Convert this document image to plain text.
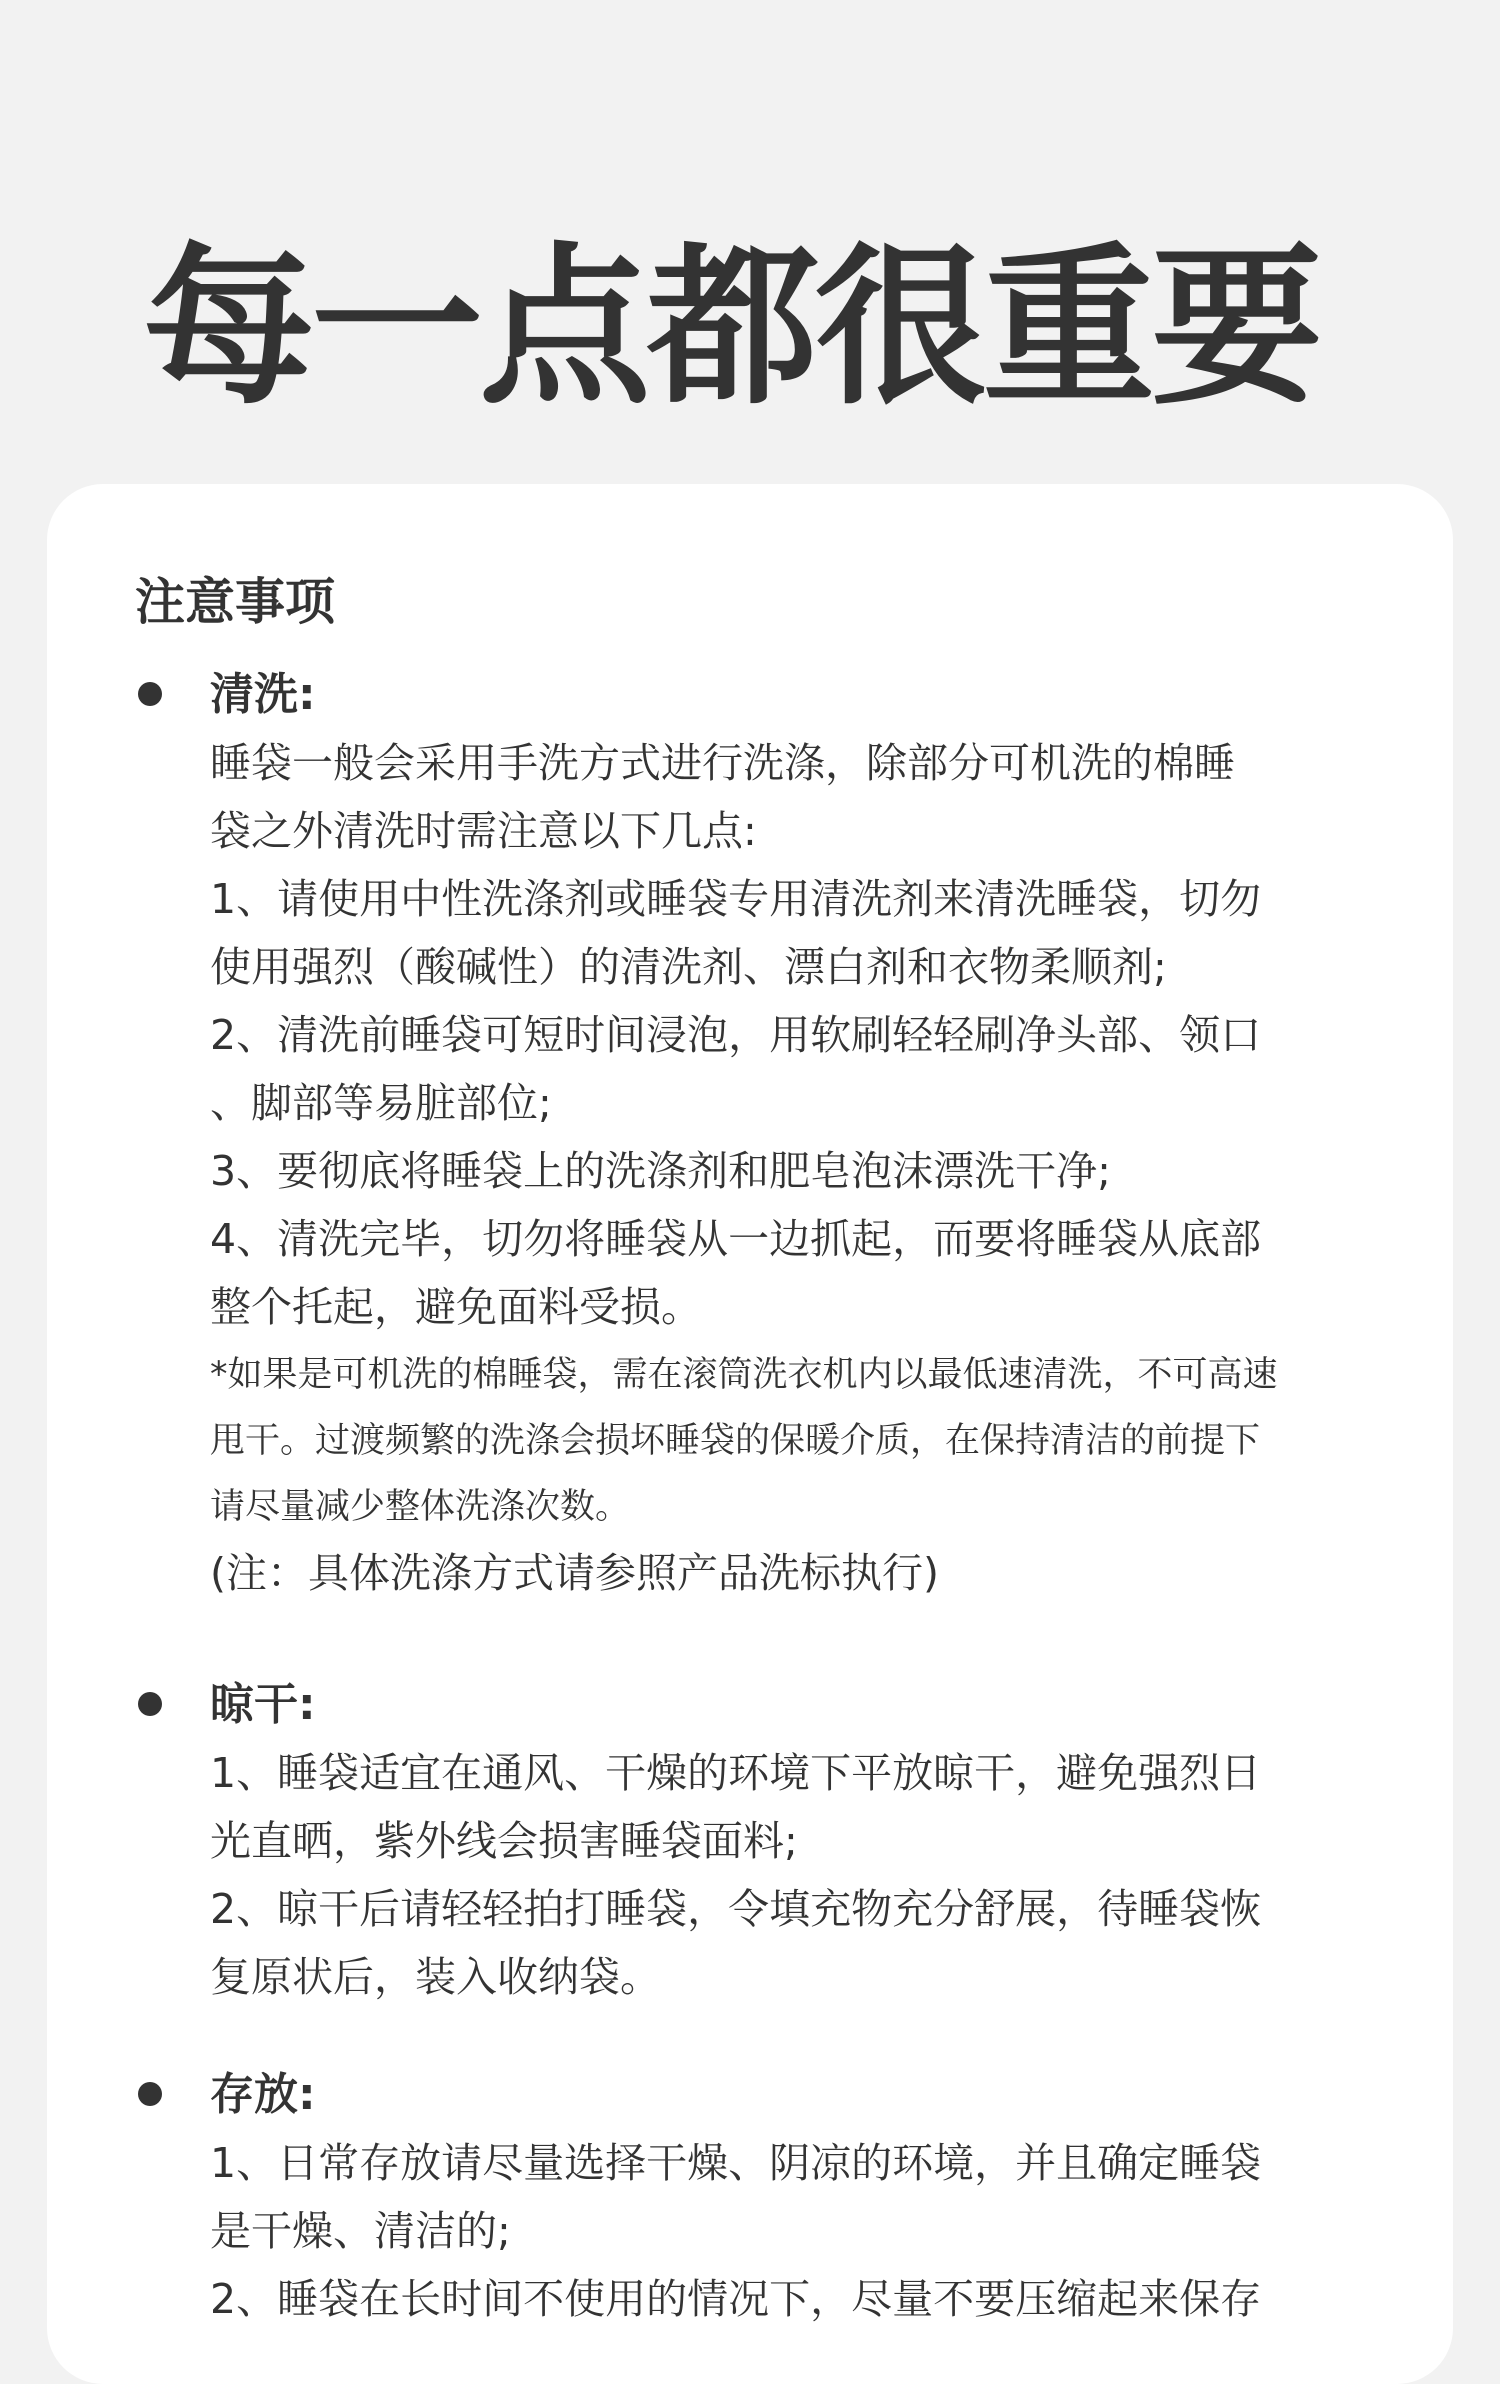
每一点都很重要
注意事项
清洗:
睡袋一般会采用手洗方式进行洗涤，除部分可机洗的棉睡
袋之外清洗时需注意以下几点:
1、请使用中性洗涤剂或睡袋专用清洗剂来清洗睡袋，切勿
使用强烈（酸碱性）的清洗剂、漂白剂和衣物柔顺剂;
2、清洗前睡袋可短时间浸泡，用软刷轻轻刷净头部、领口
、脚部等易脏部位;
3、要彻底将睡袋上的洗涤剂和肥皂泡沫漂洗干净;
4、清洗完毕，切勿将睡袋从一边抓起，而要将睡袋从底部
整个托起，避免面料受损。
*如果是可机洗的棉睡袋，需在滚筒洗衣机内以最低速清洗，不可高速
甩干。过渡频繁的洗涤会损坏睡袋的保暖介质，在保持清洁的前提下
请尽量减少整体洗涤次数。
(注：具体洗涤方式请参照产品洗标执行)
晾干:
1、睡袋适宜在通风、干燥的环境下平放晾干，避免强烈日
光直晒，紫外线会损害睡袋面料;
2、晾干后请轻轻拍打睡袋，令填充物充分舒展，待睡袋恢
复原状后，装入收纳袋。
存放:
1、日常存放请尽量选择干燥、阴凉的环境，并且确定睡袋
是干燥、清洁的;
2、睡袋在长时间不使用的情况下，尽量不要压缩起来保存
